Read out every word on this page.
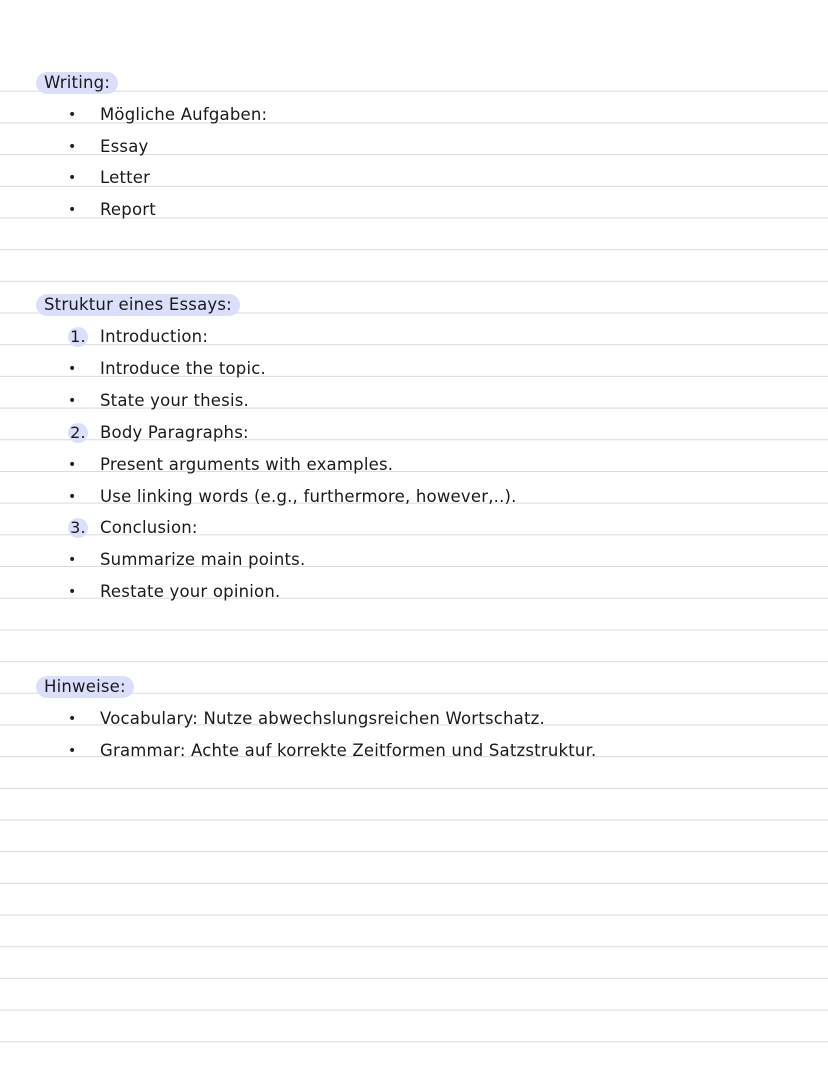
Writing:
•	Mögliche Aufgaben:
•	Essay
•	Letter
•	Report
Struktur eines Essays:
1. Introduction:
•	Introduce the topic.
•	State your thesis.
2. Body Paragraphs:
•	Present arguments with examples.
•	Use linking words (e.g., furthermore, however,..).
3. Conclusion:
•	Summarize main points.
•	Restate your opinion.
Hinweise:
•	Vocabulary: Nutze abwechslungsreichen Wortschatz.
•	Grammar: Achte auf korrekte Zeitformen und Satzstruktur.
